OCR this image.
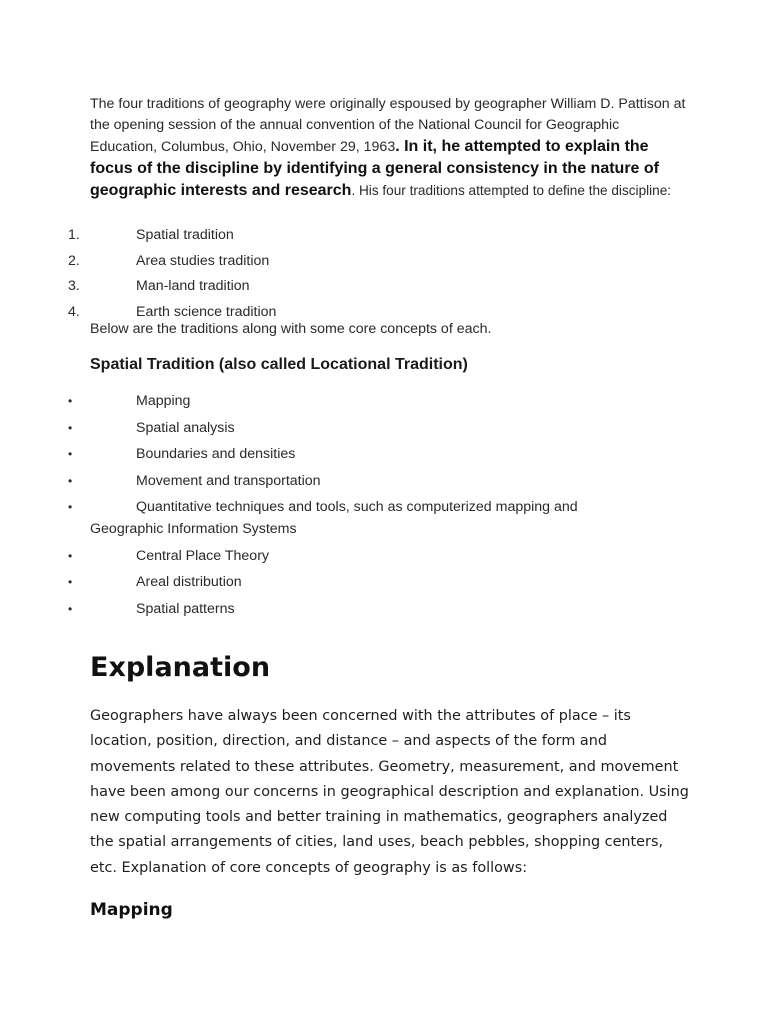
The four traditions of geography were originally espoused by geographer William D. Pattison at the opening session of the annual convention of the National Council for Geographic Education, Columbus, Ohio, November 29, 1963. In it, he attempted to explain the focus of the discipline by identifying a general consistency in the nature of geographic interests and research. His four traditions attempted to define the discipline:

1.	Spatial tradition
2.	Area studies tradition
3.	Man-land tradition
4.	Earth science tradition

Below are the traditions along with some core concepts of each.

Spatial Tradition (also called Locational Tradition)
•	Mapping
•	Spatial analysis
•	Boundaries and densities
•	Movement and transportation
•	Quantitative techniques and tools, such as computerized mapping and Geographic Information Systems
•	Central Place Theory
•	Areal distribution
•	Spatial patterns
Explanation

Geographers have always been concerned with the attributes of place – its location, position, direction, and distance – and aspects of the form and movements related to these attributes. Geometry, measurement, and movement have been among our concerns in geographical description and explanation. Using new computing tools and better training in mathematics, geographers analyzed the spatial arrangements of cities, land uses, beach pebbles, shopping centers, etc. Explanation of core concepts of geography is as follows:

Mapping
